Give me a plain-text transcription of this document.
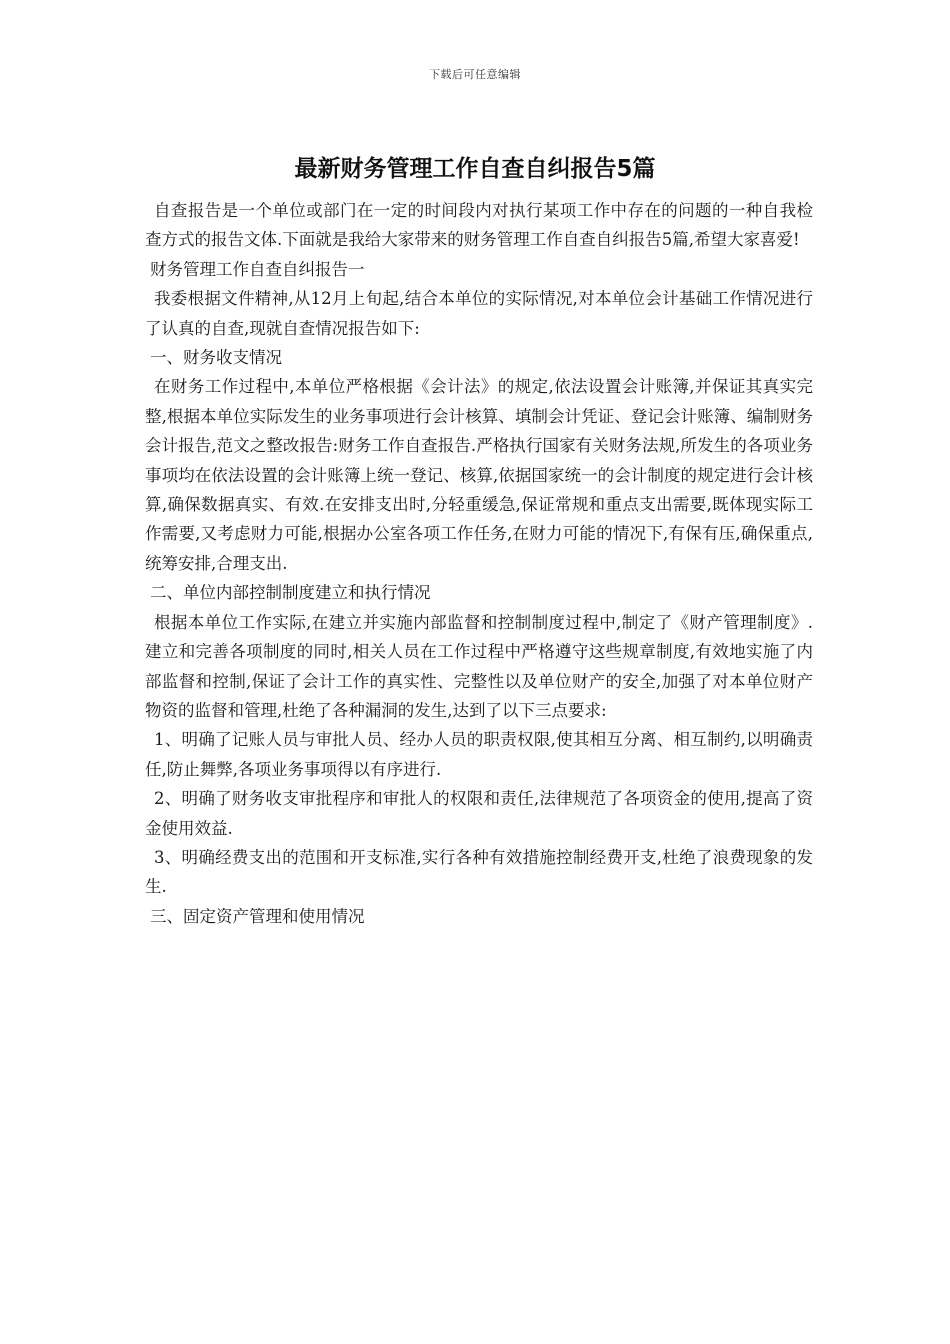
下载后可任意编辑
最新财务管理工作自查自纠报告5篇

自查报告是一个单位或部门在一定的时间段内对执行某项工作中存在的问题的一种自我检查方式的报告文体.下面就是我给大家带来的财务管理工作自查自纠报告5篇,希望大家喜爱!

财务管理工作自查自纠报告一

我委根据文件精神,从12月上旬起,结合本单位的实际情况,对本单位会计基础工作情况进行了认真的自查,现就自查情况报告如下:

一、财务收支情况

在财务工作过程中,本单位严格根据《会计法》的规定,依法设置会计账簿,并保证其真实完整,根据本单位实际发生的业务事项进行会计核算、填制会计凭证、登记会计账簿、编制财务会计报告,范文之整改报告:财务工作自查报告.严格执行国家有关财务法规,所发生的各项业务事项均在依法设置的会计账簿上统一登记、核算,依据国家统一的会计制度的规定进行会计核算,确保数据真实、有效.在安排支出时,分轻重缓急,保证常规和重点支出需要,既体现实际工作需要,又考虑财力可能,根据办公室各项工作任务,在财力可能的情况下,有保有压,确保重点,统筹安排,合理支出.

二、单位内部控制制度建立和执行情况

根据本单位工作实际,在建立并实施内部监督和控制制度过程中,制定了《财产管理制度》.建立和完善各项制度的同时,相关人员在工作过程中严格遵守这些规章制度,有效地实施了内部监督和控制,保证了会计工作的真实性、完整性以及单位财产的安全,加强了对本单位财产物资的监督和管理,杜绝了各种漏洞的发生,达到了以下三点要求:

1、明确了记账人员与审批人员、经办人员的职责权限,使其相互分离、相互制约,以明确责任,防止舞弊,各项业务事项得以有序进行.

2、明确了财务收支审批程序和审批人的权限和责任,法律规范了各项资金的使用,提高了资金使用效益.

3、明确经费支出的范围和开支标准,实行各种有效措施控制经费开支,杜绝了浪费现象的发生.

三、固定资产管理和使用情况
